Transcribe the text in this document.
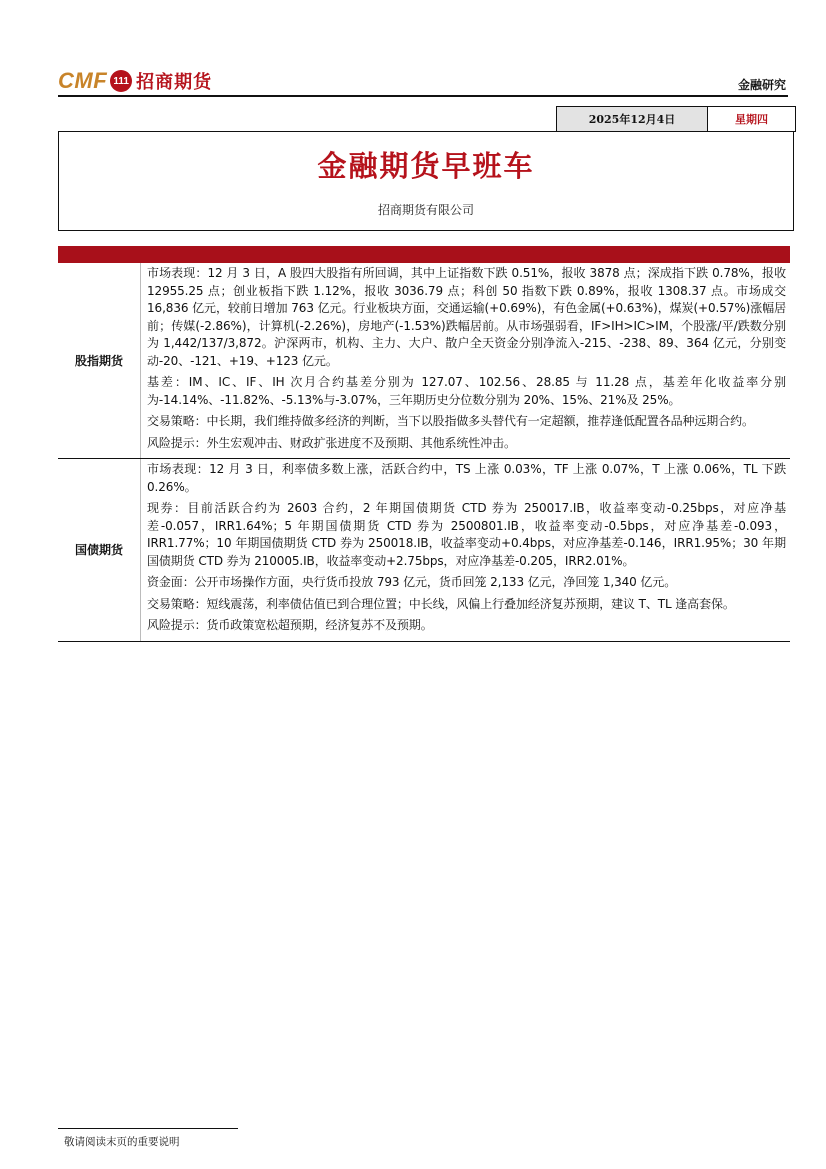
CMF 111 招商期货	金融研究
2025年12月4日	星期四
金融期货早班车
招商期货有限公司
股指期货
市场表现：12 月 3 日，A 股四大股指有所回调，其中上证指数下跌 0.51%，报收 3878 点；深成指下跌 0.78%，报收 12955.25 点；创业板指下跌 1.12%，报收 3036.79 点；科创 50 指数下跌 0.89%，报收 1308.37 点。市场成交 16,836 亿元，较前日增加 763 亿元。行业板块方面，交通运输(+0.69%)，有色金属(+0.63%)，煤炭(+0.57%)涨幅居前；传媒(-2.86%)，计算机(-2.26%)，房地产(-1.53%)跌幅居前。从市场强弱看，IF>IH>IC>IM，个股涨/平/跌数分别为 1,442/137/3,872。沪深两市，机构、主力、大户、散户全天资金分别净流入-215、-238、89、364 亿元，分别变动-20、-121、+19、+123 亿元。
基差：IM、IC、IF、IH 次月合约基差分别为 127.07、102.56、28.85 与 11.28 点，基差年化收益率分别为-14.14%、-11.82%、-5.13%与-3.07%，三年期历史分位数分别为 20%、15%、21%及 25%。
交易策略：中长期，我们维持做多经济的判断，当下以股指做多头替代有一定超额，推荐逢低配置各品种远期合约。
风险提示：外生宏观冲击、财政扩张进度不及预期、其他系统性冲击。
国债期货
市场表现：12 月 3 日，利率债多数上涨，活跃合约中，TS 上涨 0.03%，TF 上涨 0.07%，T 上涨 0.06%，TL 下跌 0.26%。
现券：目前活跃合约为 2603 合约，2 年期国债期货 CTD 券为 250017.IB，收益率变动-0.25bps，对应净基差-0.057，IRR1.64%；5 年期国债期货 CTD 券为 2500801.IB，收益率变动-0.5bps，对应净基差-0.093，IRR1.77%；10 年期国债期货 CTD 券为 250018.IB，收益率变动+0.4bps，对应净基差-0.146，IRR1.95%；30 年期国债期货 CTD 券为 210005.IB，收益率变动+2.75bps，对应净基差-0.205，IRR2.01%。
资金面：公开市场操作方面，央行货币投放 793 亿元，货币回笼 2,133 亿元，净回笼 1,340 亿元。
交易策略：短线震荡，利率债估值已到合理位置；中长线，风偏上行叠加经济复苏预期，建议 T、TL 逢高套保。
风险提示：货币政策宽松超预期，经济复苏不及预期。
敬请阅读末页的重要说明
